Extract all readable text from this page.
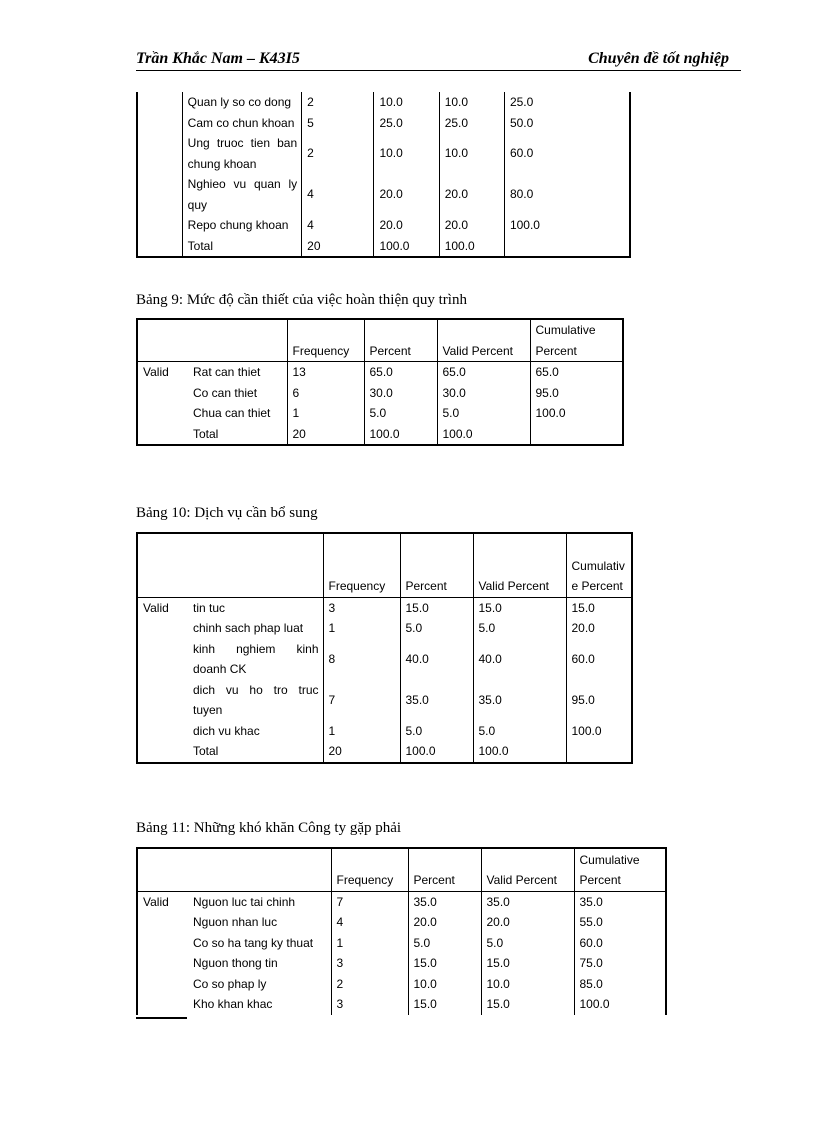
Trần Khắc Nam – K43I5	Chuyên đề tốt nghiệp
	Quan ly so co dong	2	10.0	10.0	25.0
	Cam co chun khoan	5	25.0	25.0	50.0
	Ung truoc tien ban chung khoan	2	10.0	10.0	60.0
	Nghieo vu quan ly quy	4	20.0	20.0	80.0
	Repo chung khoan	4	20.0	20.0	100.0
	Total	20	100.0	100.0	
Bảng 9: Mức độ cần thiết của việc hoàn thiện quy trình
		Frequency	Percent	Valid Percent	Cumulative Percent
Valid	Rat can thiet	13	65.0	65.0	65.0
	Co can thiet	6	30.0	30.0	95.0
	Chua can thiet	1	5.0	5.0	100.0
	Total	20	100.0	100.0	
Bảng 10: Dịch vụ cần bổ sung
		Frequency	Percent	Valid Percent	Cumulative Percent
Valid	tin tuc	3	15.0	15.0	15.0
	chinh sach phap luat	1	5.0	5.0	20.0
	kinh nghiem kinh doanh CK	8	40.0	40.0	60.0
	dich vu ho tro truc tuyen	7	35.0	35.0	95.0
	dich vu khac	1	5.0	5.0	100.0
	Total	20	100.0	100.0	
Bảng 11: Những khó khăn Công ty gặp phải
		Frequency	Percent	Valid Percent	Cumulative Percent
Valid	Nguon luc tai chinh	7	35.0	35.0	35.0
	Nguon nhan luc	4	20.0	20.0	55.0
	Co so ha tang ky thuat	1	5.0	5.0	60.0
	Nguon thong tin	3	15.0	15.0	75.0
	Co so phap ly	2	10.0	10.0	85.0
	Kho khan khac	3	15.0	15.0	100.0
